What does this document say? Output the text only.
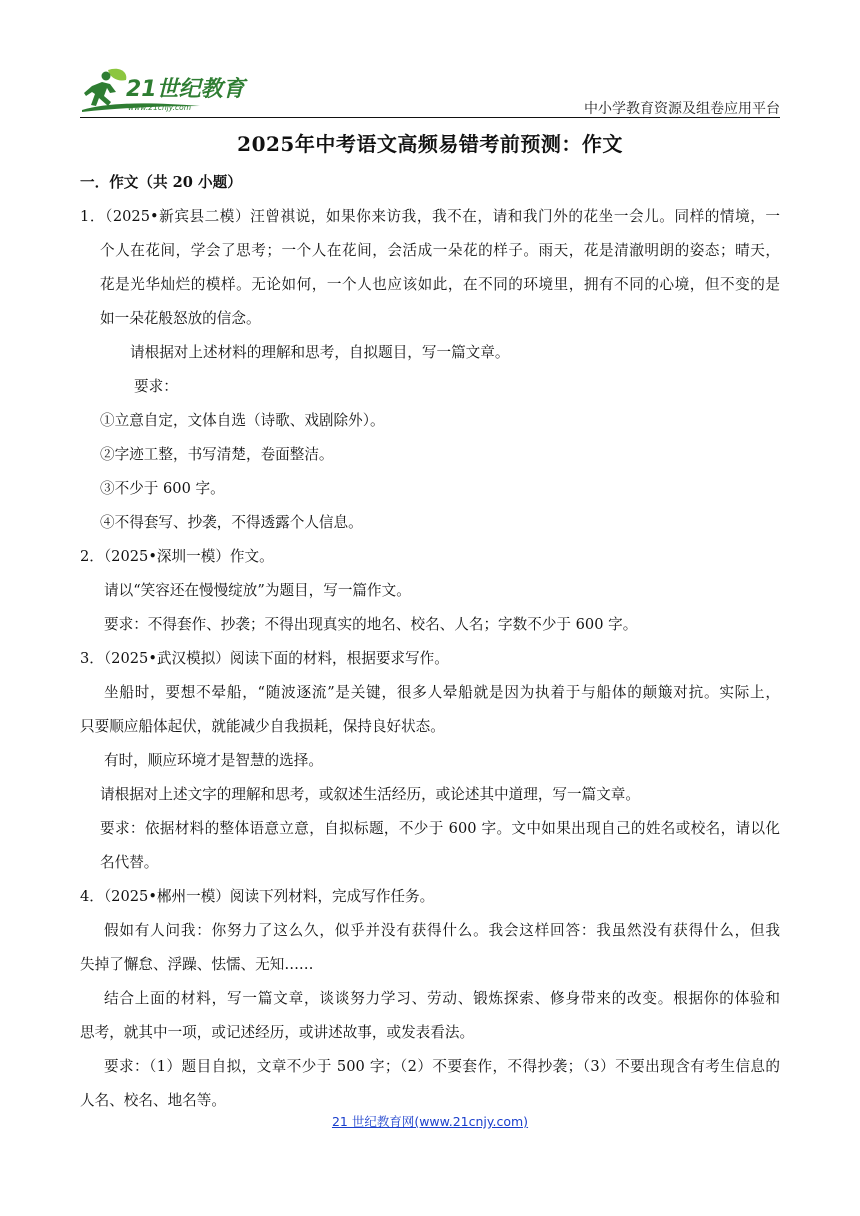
21世纪教育
www.21cnjy.com	中小学教育资源及组卷应用平台
2025年中考语文高频易错考前预测：作文
一．作文（共 20 小题）
1．（2025•新宾县二模）汪曾祺说，如果你来访我，我不在，请和我门外的花坐一会儿。同样的情境，一
个人在花间，学会了思考；一个人在花间，会活成一朵花的样子。雨天，花是清澈明朗的姿态；晴天，
花是光华灿烂的模样。无论如何，一个人也应该如此，在不同的环境里，拥有不同的心境，但不变的是
如一朵花般怒放的信念。
请根据对上述材料的理解和思考，自拟题目，写一篇文章。
要求：
①立意自定，文体自选（诗歌、戏剧除外）。
②字迹工整，书写清楚，卷面整洁。
③不少于 600 字。
④不得套写、抄袭，不得透露个人信息。
2．（2025•深圳一模）作文。
请以“笑容还在慢慢绽放”为题目，写一篇作文。
要求：不得套作、抄袭；不得出现真实的地名、校名、人名；字数不少于 600 字。
3．（2025•武汉模拟）阅读下面的材料，根据要求写作。
坐船时，要想不晕船，“随波逐流”是关键，很多人晕船就是因为执着于与船体的颠簸对抗。实际上，
只要顺应船体起伏，就能减少自我损耗，保持良好状态。
有时，顺应环境才是智慧的选择。
请根据对上述文字的理解和思考，或叙述生活经历，或论述其中道理，写一篇文章。
要求：依据材料的整体语意立意，自拟标题，不少于 600 字。文中如果出现自己的姓名或校名，请以化
名代替。
4．（2025•郴州一模）阅读下列材料，完成写作任务。
假如有人问我：你努力了这么久，似乎并没有获得什么。我会这样回答：我虽然没有获得什么，但我
失掉了懈怠、浮躁、怯懦、无知……
结合上面的材料，写一篇文章，谈谈努力学习、劳动、锻炼探索、修身带来的改变。根据你的体验和
思考，就其中一项，或记述经历，或讲述故事，或发表看法。
要求：（1）题目自拟，文章不少于 500 字；（2）不要套作，不得抄袭；（3）不要出现含有考生信息的
人名、校名、地名等。
21 世纪教育网(www.21cnjy.com)
